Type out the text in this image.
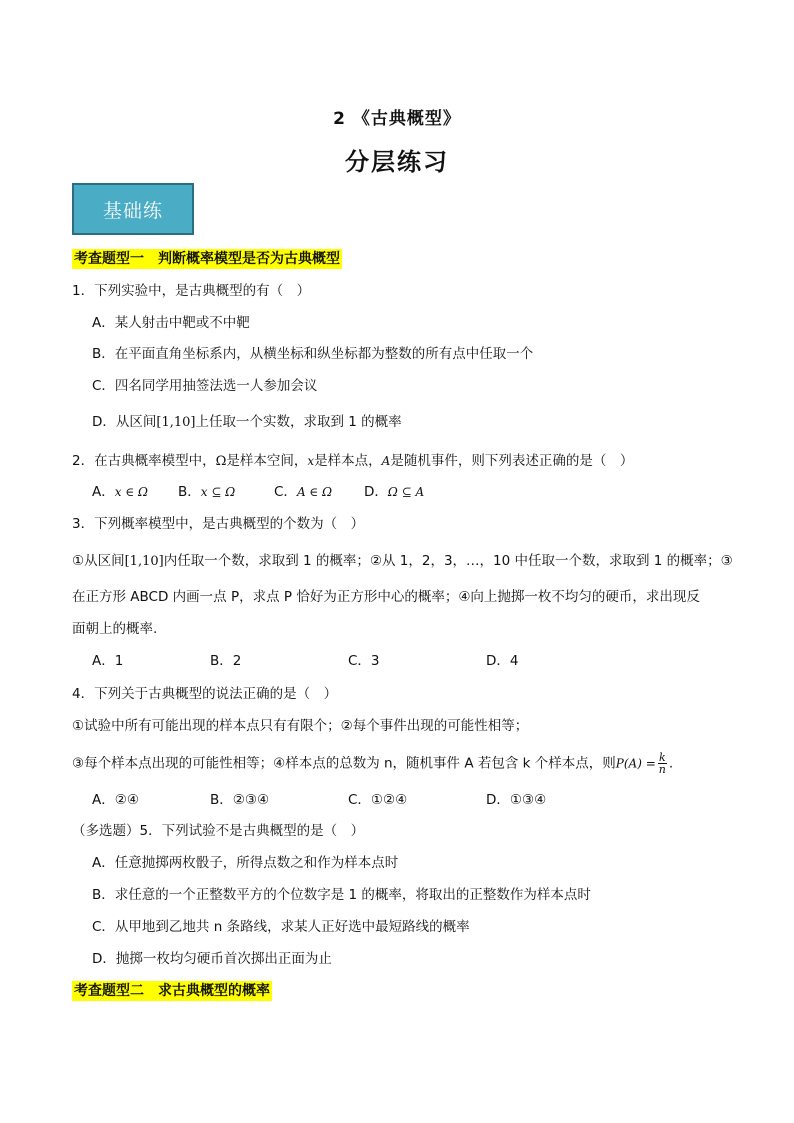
2 《古典概型》
分层练习
基础练
考查题型一　判断概率模型是否为古典概型
1．下列实验中，是古典概型的有（　）
A．某人射击中靶或不中靶
B．在平面直角坐标系内，从横坐标和纵坐标都为整数的所有点中任取一个
C．四名同学用抽签法选一人参加会议
D．从区间[1,10]上任取一个实数，求取到 1 的概率
2．在古典概率模型中，Ω是样本空间，x是样本点，A是随机事件，则下列表述正确的是（　）
A．x ∈ Ω B．x ⊆ Ω	C．A ∈ Ω D．Ω ⊆ A
3．下列概率模型中，是古典概型的个数为（　）
①从区间[1,10]内任取一个数，求取到 1 的概率；②从 1，2，3，…，10 中任取一个数，求取到 1 的概率；③
在正方形 ABCD 内画一点 P，求点 P 恰好为正方形中心的概率；④向上抛掷一枚不均匀的硬币，求出现反
面朝上的概率.
A．1	B．2	C．3	D．4
4．下列关于古典概型的说法正确的是（　）
①试验中所有可能出现的样本点只有有限个；②每个事件出现的可能性相等；
③每个样本点出现的可能性相等；④样本点的总数为 n，随机事件 A 若包含 k 个样本点，则$P(A) = \frac{k}{n}$ .
A．②④	B．②③④	C．①②④	D．①③④
（多选题）5．下列试验不是古典概型的是（　）
A．任意抛掷两枚骰子，所得点数之和作为样本点时
B．求任意的一个正整数平方的个位数字是 1 的概率，将取出的正整数作为样本点时
C．从甲地到乙地共 n 条路线，求某人正好选中最短路线的概率
D．抛掷一枚均匀硬币首次掷出正面为止
考查题型二　求古典概型的概率
